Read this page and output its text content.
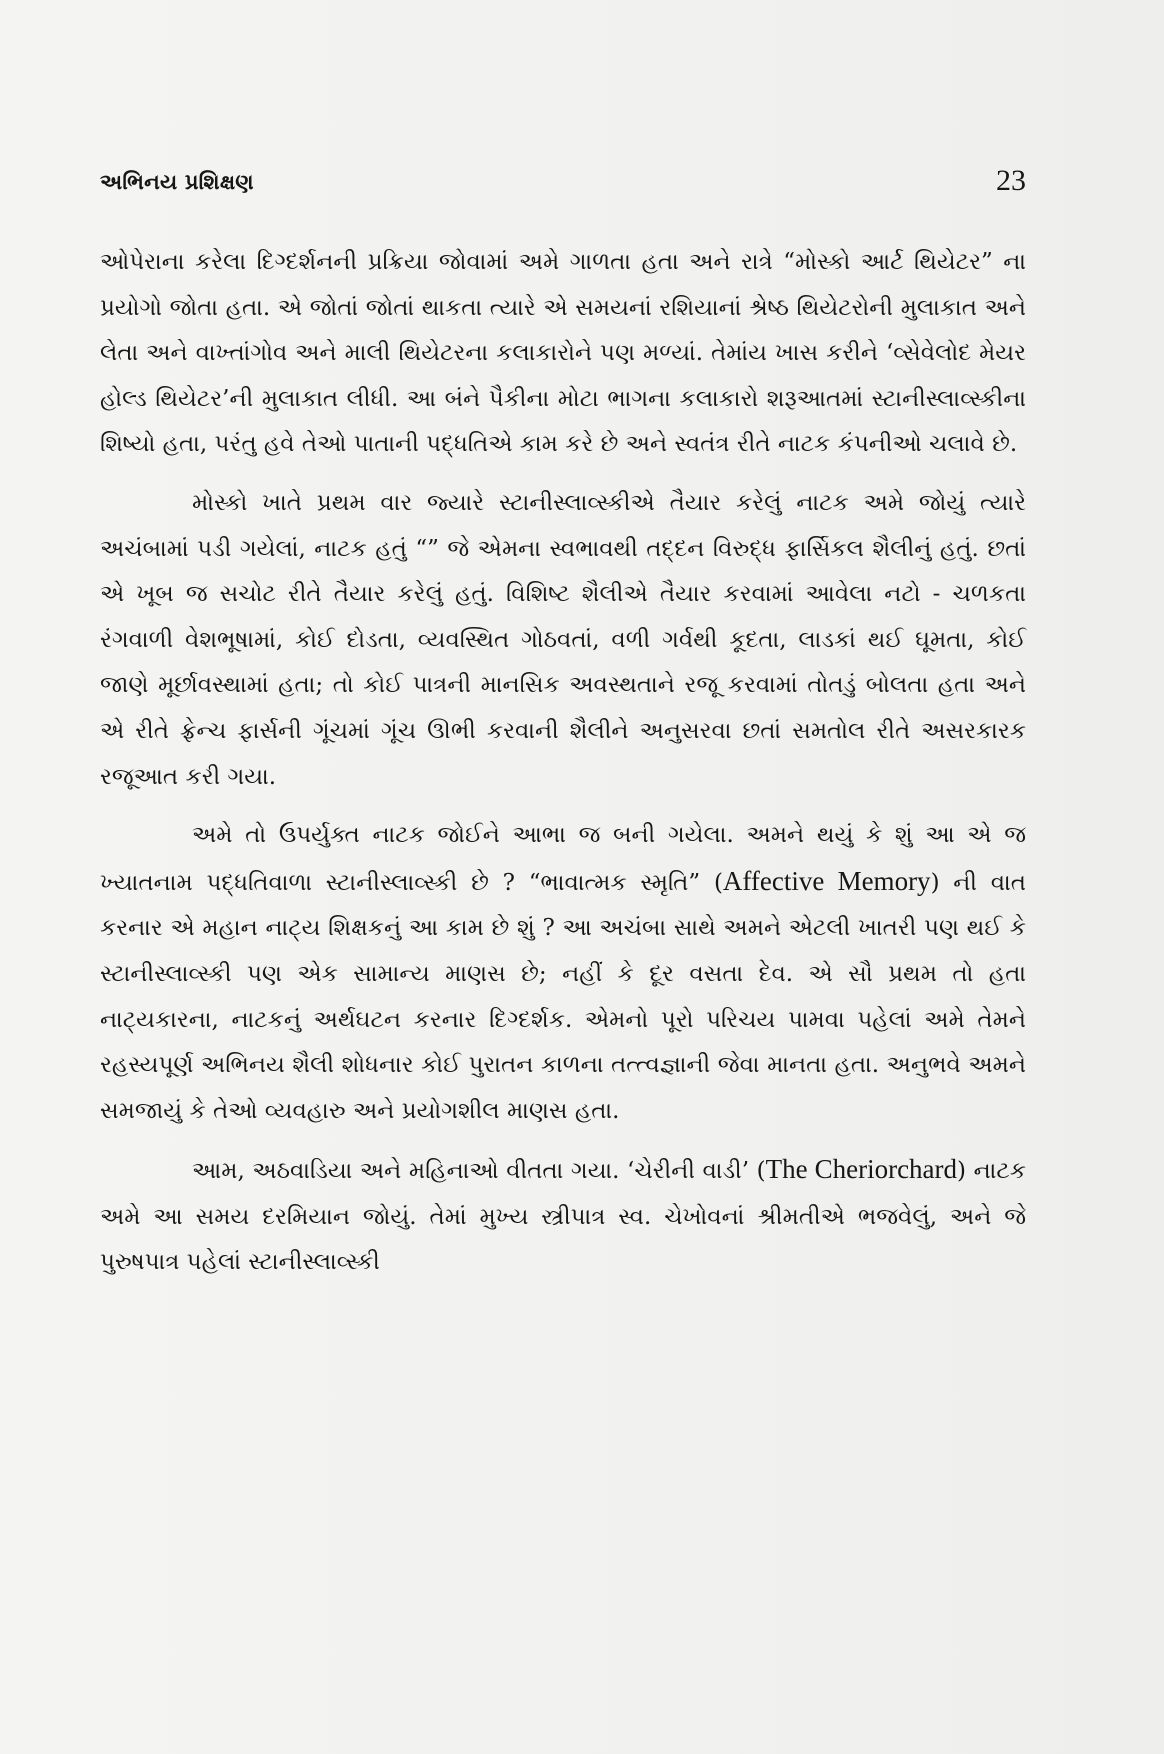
અભિનય પ્રશિક્ષણ	23

ઓપેરાના કરેલા દિગ્દર્શનની પ્રક્રિયા જોવામાં અમે ગાળતા હતા અને રાત્રે “મોસ્કો આર્ટ થિયેટર” ના પ્રયોગો જોતા હતા. એ જોતાં જોતાં થાકતા ત્યારે એ સમયનાં રશિયાનાં શ્રેષ્ઠ થિયેટરોની મુલાકાત અને લેતા અને વાખ્તાંગોવ અને માલી થિયેટરના કલાકારોને પણ મળ્યાં. તેમાંય ખાસ કરીને ‘વ્સેવેલોદ મેયર હોલ્ડ થિયેટર’ની મુલાકાત લીધી. આ બંને પૈકીના મોટા ભાગના કલાકારો શરૂઆતમાં સ્ટાનીસ્લાવ્સ્કીના શિષ્યો હતા, પરંતુ હવે તેઓ પાતાની પદ્ધતિએ કામ કરે છે અને સ્વતંત્ર રીતે નાટક કંપનીઓ ચલાવે છે.

મોસ્કો ખાતે પ્રથમ વાર જ્યારે સ્ટાનીસ્લાવ્સ્કીએ તૈયાર કરેલું નાટક અમે જોયું ત્યારે અચંબામાં પડી ગયેલાં, નાટક હતું “” જે એમના સ્વભાવથી તદ્દન વિરુદ્ધ ફાર્સિકલ શૈલીનું હતું. છતાં એ ખૂબ જ સચોટ રીતે તૈયાર કરેલું હતું. વિશિષ્ટ શૈલીએ તૈયાર કરવામાં આવેલા નટો - ચળકતા રંગવાળી વેશભૂષામાં, કોઈ દોડતા, વ્યવસ્થિત ગોઠવતાં, વળી ગર્વથી કૂદતા, લાડકાં થઈ ઘૂમતા, કોઈ જાણે મૂર્છાવસ્થામાં હતા; તો કોઈ પાત્રની માનસિક અવસ્થતાને રજૂ કરવામાં તોતડું બોલતા હતા અને એ રીતે ફ્રેન્ચ ફાર્સની ગૂંચમાં ગૂંચ ઊભી કરવાની શૈલીને અનુસરવા છતાં સમતોલ રીતે અસરકારક રજૂઆત કરી ગયા.

અમે તો ઉપર્યુક્ત નાટક જોઈને આભા જ બની ગયેલા. અમને થયું કે શું આ એ જ ખ્યાતનામ પદ્ધતિવાળા સ્ટાનીસ્લાવ્સ્કી છે ? “ભાવાત્મક સ્મૃતિ” (Affective Memory) ની વાત કરનાર એ મહાન નાટ્ય શિક્ષકનું આ કામ છે શું ? આ અચંબા સાથે અમને એટલી ખાતરી પણ થઈ કે સ્ટાનીસ્લાવ્સ્કી પણ એક સામાન્ય માણસ છે; નહીં કે દૂર વસતા દેવ. એ સૌ પ્રથમ તો હતા નાટ્યકારના, નાટકનું અર્થઘટન કરનાર દિગ્દર્શક. એમનો પૂરો પરિચય પામવા પહેલાં અમે તેમને રહસ્યપૂર્ણ અભિનય શૈલી શોધનાર કોઈ પુરાતન કાળના તત્ત્વજ્ઞાની જેવા માનતા હતા. અનુભવે અમને સમજાયું કે તેઓ વ્યવહારુ અને પ્રયોગશીલ માણસ હતા.

આમ, અઠવાડિયા અને મહિનાઓ વીતતા ગયા. ‘ચેરીની વાડી’ (The Cheriorchard) નાટક અમે આ સમય દરમિયાન જોયું. તેમાં મુખ્ય સ્ત્રીપાત્ર સ્વ. ચેખોવનાં શ્રીમતીએ ભજવેલું, અને જે પુરુષપાત્ર પહેલાં સ્ટાનીસ્લાવ્સ્કી
